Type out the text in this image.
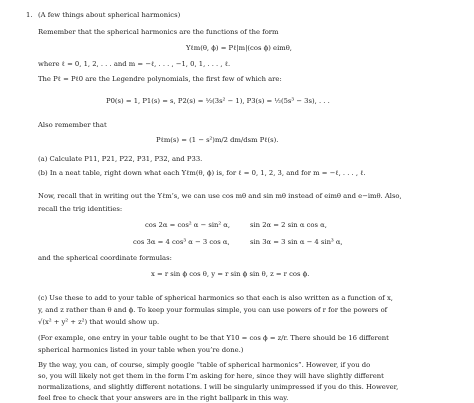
1. (A few things about spherical harmonics)
Remember that the spherical harmonics are the functions of the form
Yℓm(θ, ϕ) = Pℓ|m|(cos ϕ) eimθ,
where ℓ = 0, 1, 2, . . . and m = −ℓ, . . . , −1, 0, 1, . . . , ℓ.
The Pℓ = Pℓ0 are the Legendre polynomials, the first few of which are:
P0(s) = 1, P1(s) = s, P2(s) = ½(3s² − 1), P3(s) = ½(5s³ − 3s), . . .
Also remember that
Pℓm(s) = (1 − s²)m/2 dm/dsm Pℓ(s).
(a) Calculate P11, P21, P22, P31, P32, and P33.
(b) In a neat table, right down what each Yℓm(θ, ϕ) is, for ℓ = 0, 1, 2, 3, and for m = −ℓ, . . . , ℓ.
Now, recall that in writing out the Yℓm’s, we can use cos mθ and sin mθ instead of eimθ and e−imθ. Also,
recall the trig identities:
cos 2α = cos² α − sin² α,	sin 2α = 2 sin α cos α,
cos 3α = 4 cos³ α − 3 cos α,	sin 3α = 3 sin α − 4 sin³ α,
and the spherical coordinate formulas:
x = r sin ϕ cos θ, y = r sin ϕ sin θ, z = r cos ϕ.
(c) Use these to add to your table of spherical harmonics so that each is also written as a function of x,
y, and z rather than θ and ϕ. To keep your formulas simple, you can use powers of r for the powers of
√(x² + y² + z²) that would show up.
(For example, one entry in your table ought to be that Y10 = cos ϕ = z/r. There should be 16 different
spherical harmonics listed in your table when you’re done.)
By the way, you can, of course, simply google “table of spherical harmonics”. However, if you do
so, you will likely not get them in the form I’m asking for here, since they will have slightly different
normalizations, and slightly different notations. I will be singularly unimpressed if you do this. However,
feel free to check that your answers are in the right ballpark in this way.
